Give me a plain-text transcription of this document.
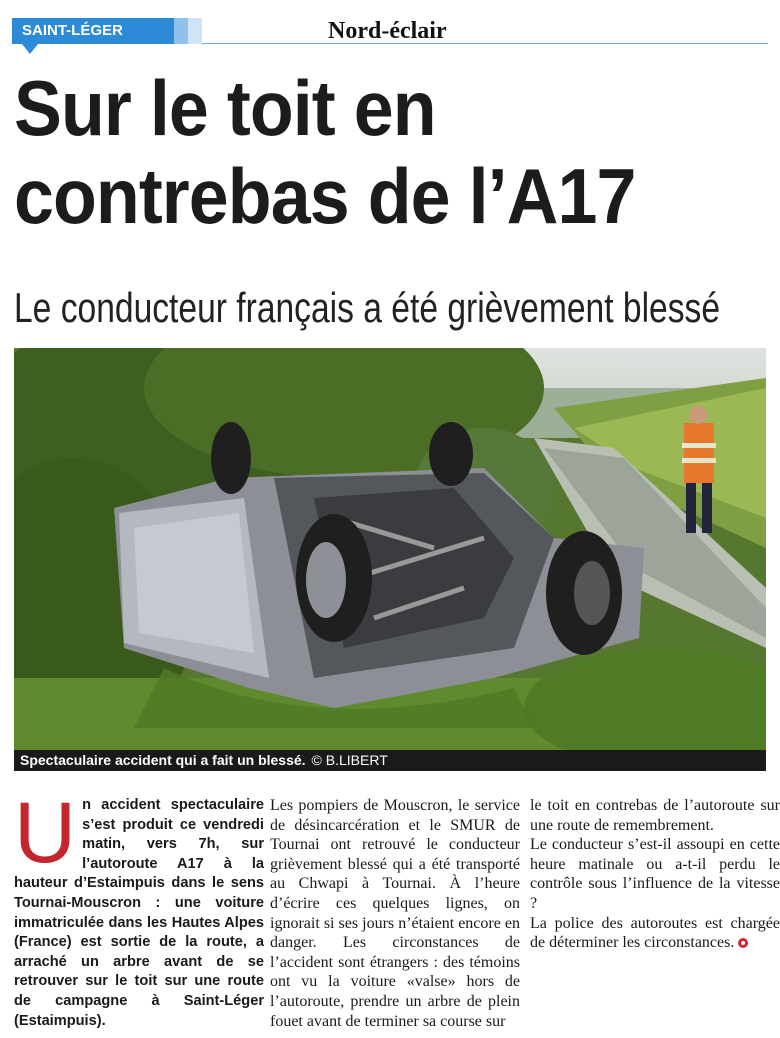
SAINT-LÉGER	Nord-éclair
Sur le toit en
contrebas de l’A17
Le conducteur français a été grièvement blessé
Spectaculaire accident qui a fait un blessé. © B.LIBERT
U n accident spectaculaire s’est produit ce vendredi matin, vers 7h, sur l’autoroute A17 à la hauteur d’Estaimpuis dans le sens Tournai-Mouscron : une voiture immatriculée dans les Hautes Alpes (France) est sortie de la route, a arraché un arbre avant de se retrouver sur le toit sur une route de campagne à Saint-Léger (Estaimpuis).

Les pompiers de Mouscron, le service de désincarcération et le SMUR de Tournai ont retrouvé le conducteur grièvement blessé qui a été transporté au Chwapi à Tournai. À l’heure d’écrire ces quelques lignes, on ignorait si ses jours n’étaient encore en danger. Les circonstances de l’accident sont étrangers : des témoins ont vu la voiture «valse» hors de l’autoroute, prendre un arbre de plein fouet avant de terminer sa course sur

le toit en contrebas de l’autoroute sur une route de remembrement.

Le conducteur s’est-il assoupi en cette heure matinale ou a-t-il perdu le contrôle sous l’influence de la vitesse ?

La police des autoroutes est chargée de déterminer les circonstances.
